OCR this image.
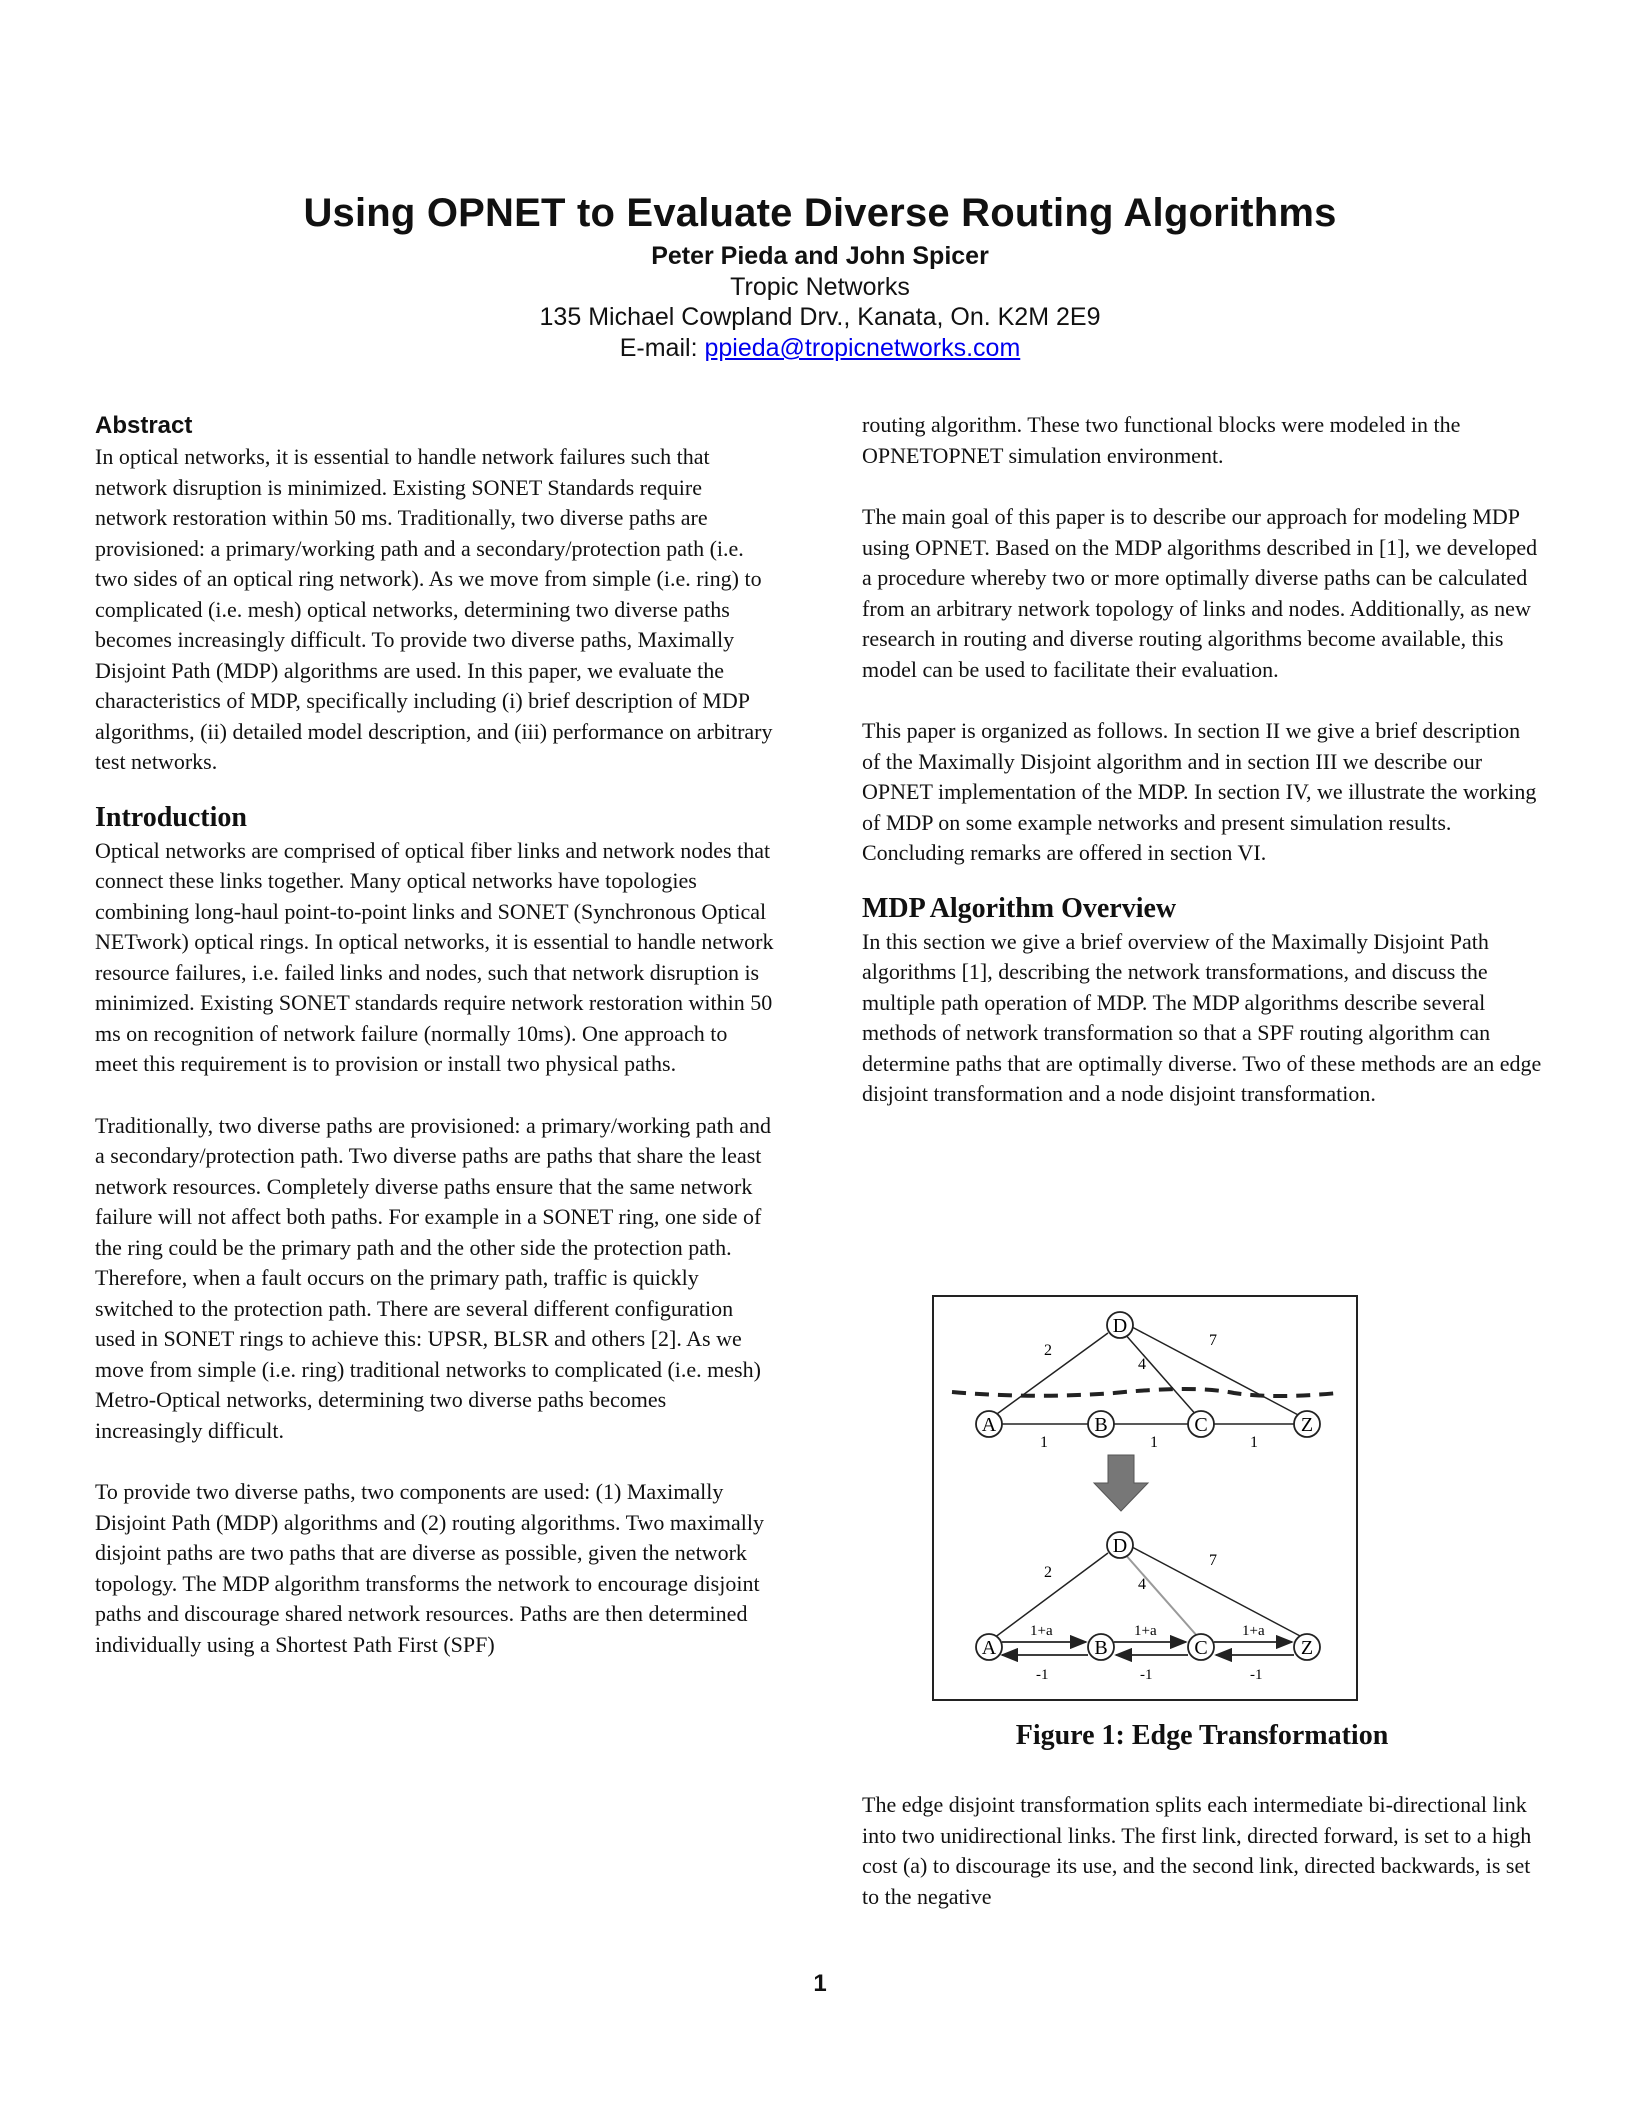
Using OPNET to Evaluate Diverse Routing Algorithms
Peter Pieda and John Spicer
Tropic Networks
135 Michael Cowpland Drv., Kanata, On. K2M 2E9
E-mail: ppieda@tropicnetworks.com
Abstract

In optical networks, it is essential to handle network failures such that network disruption is minimized. Existing SONET Standards require network restoration within 50 ms. Traditionally, two diverse paths are provisioned: a primary/working path and a secondary/protection path (i.e. two sides of an optical ring network). As we move from simple (i.e. ring) to complicated (i.e. mesh) optical networks, determining two diverse paths becomes increasingly difficult. To provide two diverse paths, Maximally Disjoint Path (MDP) algorithms are used. In this paper, we evaluate the characteristics of MDP, specifically including (i) brief description of MDP algorithms, (ii) detailed model description, and (iii) performance on arbitrary test networks.

Introduction

Optical networks are comprised of optical fiber links and network nodes that connect these links together. Many optical networks have topologies combining long-haul point-to-point links and SONET (Synchronous Optical NETwork) optical rings. In optical networks, it is essential to handle network resource failures, i.e. failed links and nodes, such that network disruption is minimized. Existing SONET standards require network restoration within 50 ms on recognition of network failure (normally 10ms). One approach to meet this requirement is to provision or install two physical paths.

Traditionally, two diverse paths are provisioned: a primary/working path and a secondary/protection path. Two diverse paths are paths that share the least network resources. Completely diverse paths ensure that the same network failure will not affect both paths. For example in a SONET ring, one side of the ring could be the primary path and the other side the protection path. Therefore, when a fault occurs on the primary path, traffic is quickly switched to the protection path. There are several different configuration used in SONET rings to achieve this: UPSR, BLSR and others [2]. As we move from simple (i.e. ring) traditional networks to complicated (i.e. mesh) Metro-Optical networks, determining two diverse paths becomes increasingly difficult.

To provide two diverse paths, two components are used: (1) Maximally Disjoint Path (MDP) algorithms and (2) routing algorithms. Two maximally disjoint paths are two paths that are diverse as possible, given the network topology. The MDP algorithm transforms the network to encourage disjoint paths and discourage shared network resources. Paths are then determined individually using a Shortest Path First (SPF)

routing algorithm. These two functional blocks were modeled in the OPNETOPNET simulation environment.

The main goal of this paper is to describe our approach for modeling MDP using OPNET. Based on the MDP algorithms described in [1], we developed a procedure whereby two or more optimally diverse paths can be calculated from an arbitrary network topology of links and nodes. Additionally, as new research in routing and diverse routing algorithms become available, this model can be used to facilitate their evaluation.

This paper is organized as follows. In section II we give a brief description of the Maximally Disjoint algorithm and in section III we describe our OPNET implementation of the MDP. In section IV, we illustrate the working of MDP on some example networks and present simulation results. Concluding remarks are offered in section VI.

MDP Algorithm Overview

In this section we give a brief overview of the Maximally Disjoint Path algorithms [1], describing the network transformations, and discuss the multiple path operation of MDP. The MDP algorithms describe several methods of network transformation so that a SPF routing algorithm can determine paths that are optimally diverse. Two of these methods are an edge disjoint transformation and a node disjoint transformation.

D
A	B	C	Z
2
4
7
1	1	1
D
A	B	C	Z
2
4
7
1+a	1+a	1+a
-1	-1	-1
Figure 1: Edge Transformation

The edge disjoint transformation splits each intermediate bi-directional link into two unidirectional links. The first link, directed forward, is set to a high cost (a) to discourage its use, and the second link, directed backwards, is set to the negative

1
